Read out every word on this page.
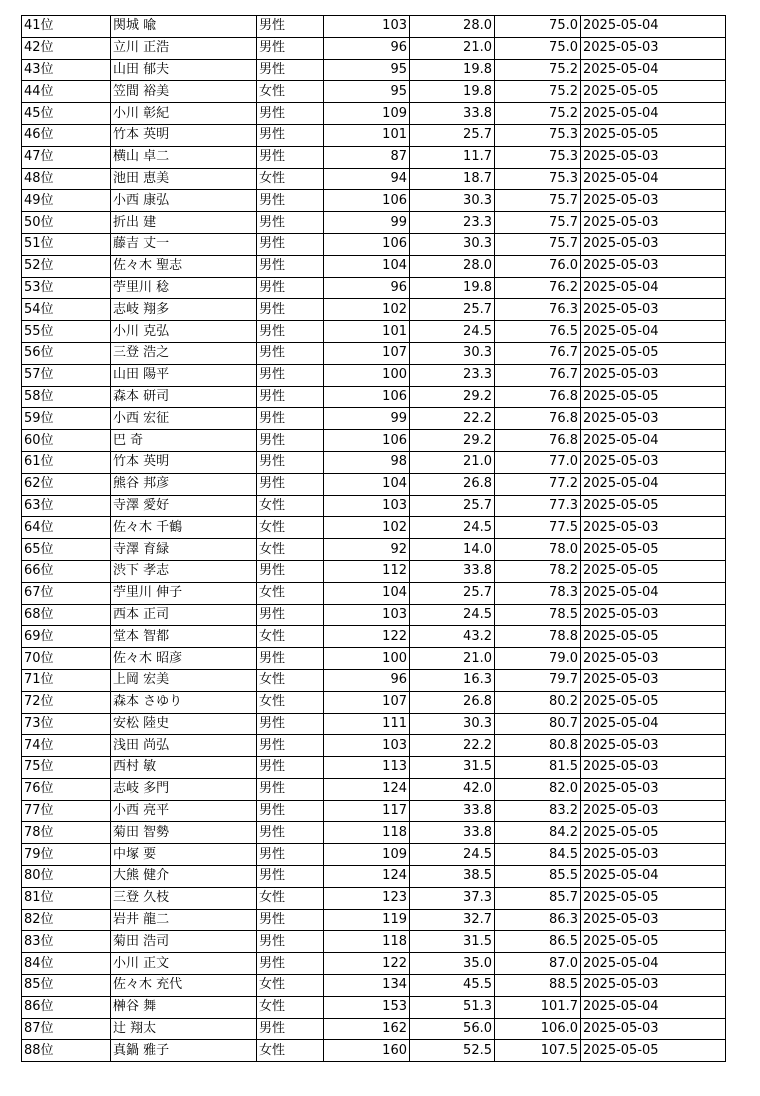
41位	関城 喩	男性	103	28.0	75.0	2025-05-04
42位	立川 正浩	男性	96	21.0	75.0	2025-05-03
43位	山田 郁夫	男性	95	19.8	75.2	2025-05-04
44位	笠間 裕美	女性	95	19.8	75.2	2025-05-05
45位	小川 彰紀	男性	109	33.8	75.2	2025-05-04
46位	竹本 英明	男性	101	25.7	75.3	2025-05-05
47位	横山 卓二	男性	87	11.7	75.3	2025-05-03
48位	池田 恵美	女性	94	18.7	75.3	2025-05-04
49位	小西 康弘	男性	106	30.3	75.7	2025-05-03
50位	折出 建	男性	99	23.3	75.7	2025-05-03
51位	藤吉 丈一	男性	106	30.3	75.7	2025-05-03
52位	佐々木 聖志	男性	104	28.0	76.0	2025-05-03
53位	苧里川 稔	男性	96	19.8	76.2	2025-05-04
54位	志岐 翔多	男性	102	25.7	76.3	2025-05-03
55位	小川 克弘	男性	101	24.5	76.5	2025-05-04
56位	三登 浩之	男性	107	30.3	76.7	2025-05-05
57位	山田 陽平	男性	100	23.3	76.7	2025-05-03
58位	森本 研司	男性	106	29.2	76.8	2025-05-05
59位	小西 宏征	男性	99	22.2	76.8	2025-05-03
60位	巴 奇	男性	106	29.2	76.8	2025-05-04
61位	竹本 英明	男性	98	21.0	77.0	2025-05-03
62位	熊谷 邦彦	男性	104	26.8	77.2	2025-05-04
63位	寺澤 愛好	女性	103	25.7	77.3	2025-05-05
64位	佐々木 千鶴	女性	102	24.5	77.5	2025-05-03
65位	寺澤 育緑	女性	92	14.0	78.0	2025-05-05
66位	渋下 孝志	男性	112	33.8	78.2	2025-05-05
67位	苧里川 伸子	女性	104	25.7	78.3	2025-05-04
68位	西本 正司	男性	103	24.5	78.5	2025-05-03
69位	堂本 智都	女性	122	43.2	78.8	2025-05-05
70位	佐々木 昭彦	男性	100	21.0	79.0	2025-05-03
71位	上岡 宏美	女性	96	16.3	79.7	2025-05-03
72位	森本 さゆり	女性	107	26.8	80.2	2025-05-05
73位	安松 陸史	男性	111	30.3	80.7	2025-05-04
74位	浅田 尚弘	男性	103	22.2	80.8	2025-05-03
75位	西村 敏	男性	113	31.5	81.5	2025-05-03
76位	志岐 多門	男性	124	42.0	82.0	2025-05-03
77位	小西 亮平	男性	117	33.8	83.2	2025-05-03
78位	菊田 智勢	男性	118	33.8	84.2	2025-05-05
79位	中塚 要	男性	109	24.5	84.5	2025-05-03
80位	大熊 健介	男性	124	38.5	85.5	2025-05-04
81位	三登 久枝	女性	123	37.3	85.7	2025-05-05
82位	岩井 龍二	男性	119	32.7	86.3	2025-05-03
83位	菊田 浩司	男性	118	31.5	86.5	2025-05-05
84位	小川 正文	男性	122	35.0	87.0	2025-05-04
85位	佐々木 充代	女性	134	45.5	88.5	2025-05-03
86位	榊谷 舞	女性	153	51.3	101.7	2025-05-04
87位	辻 翔太	男性	162	56.0	106.0	2025-05-03
88位	真鍋 雅子	女性	160	52.5	107.5	2025-05-05
